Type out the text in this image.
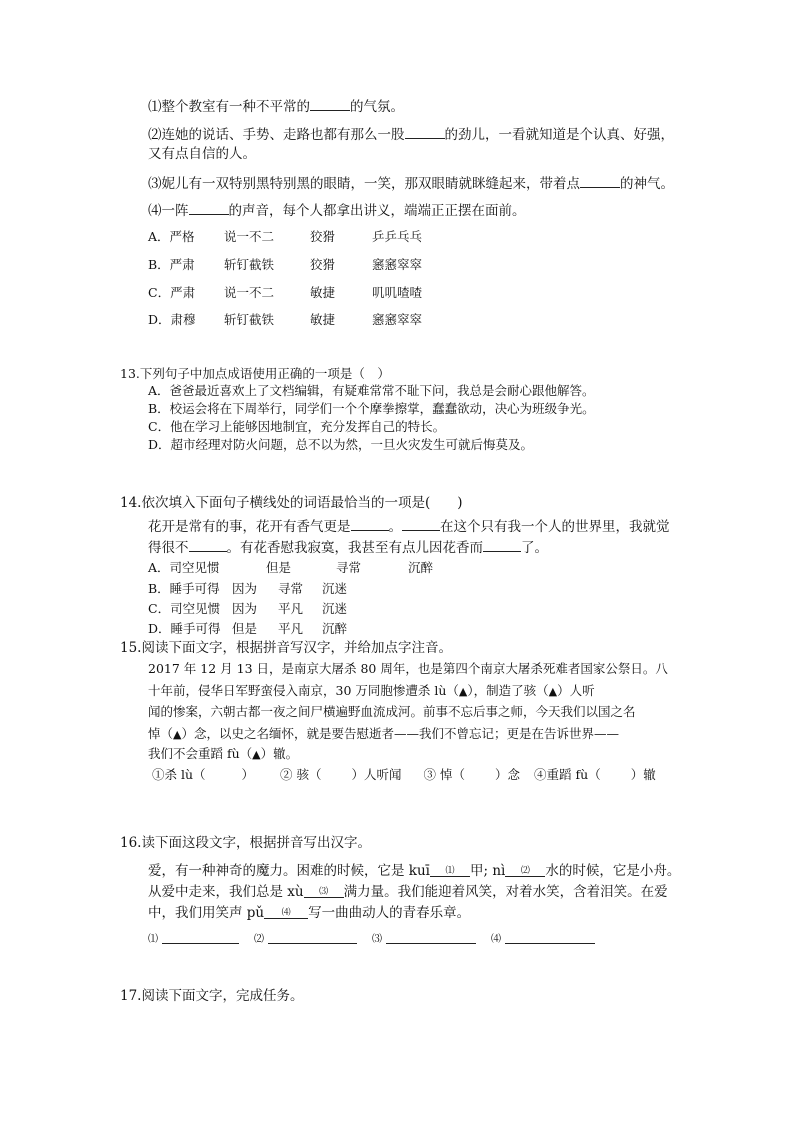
⑴整个教室有一种不平常的	的气氛。
⑵连她的说话、手势、走路也都有那么一股	的劲儿，一看就知道是个认真、好强，
又有点自信的人。
⑶妮儿有一双特别黑特别黑的眼睛，一笑，那双眼睛就眯缝起来，带着点	的神气。
⑷一阵	的声音，每个人都拿出讲义，端端正正摆在面前。
A．严格 说一不二	狡猾	乒乒乓乓
B．严肃 斩钉截铁	狡猾	窸窸窣窣
C．严肃 说一不二	敏捷	叽叽喳喳
D．肃穆 斩钉截铁	敏捷	窸窸窣窣
13.下列句子中加点成语使用正确的一项是（　）
A．爸爸最近喜欢上了文档编辑，有疑难常常不耻下问，我总是会耐心跟他解答。
B．校运会将在下周举行，同学们一个个摩拳擦掌，蠢蠢欲动，决心为班级争光。
C．他在学习上能够因地制宜，充分发挥自己的特长。
D．超市经理对防火问题，总不以为然，一旦火灾发生可就后悔莫及。
14.依次填入下面句子横线处的词语最恰当的一项是(　　)
花开是常有的事，花开有香气更是	。	在这个只有我一个人的世界里，我就觉
得很不	。有花香慰我寂寞，我甚至有点儿因花香而	了。
A．司空见惯	但是	寻常	沉醉
B．睡手可得 因为 寻常 沉迷
C．司空见惯 因为 平凡 沉迷
D．睡手可得 但是 平凡 沉醉
15.阅读下面文字，根据拼音写汉字，并给加点字注音。
2017 年 12 月 13 日，是南京大屠杀 80 周年，也是第四个南京大屠杀死难者国家公祭日。八
十年前，侵华日军野蛮侵入南京，30 万同胞惨遭杀 lù（▲），制造了骇（▲）人听
闻的惨案，六朝古都一夜之间尸横遍野血流成河。前事不忘后事之师，今天我们以国之名
悼（▲）念，以史之名缅怀，就是要告慰逝者——我们不曾忘记；更是在告诉世界——
我们不会重蹈 fù（▲）辙。
①杀 lù（	） ② 骇（ ）人听闻 ③ 悼（ ）念 ④重蹈 fù（ ）辙
16.读下面这段文字，根据拼音写出汉字。
爱，有一种神奇的魔力。困难的时候，它是 kuī ⑴ 甲; nì ⑵ 水的时候，它是小舟。
从爱中走来，我们总是 xù ⑶ 满力量。我们能迎着风笑，对着水笑，含着泪笑。在爱
中，我们用笑声 pǔ ⑷ 写一曲曲动人的青春乐章。
⑴	⑵	⑶	⑷
17.阅读下面文字，完成任务。
